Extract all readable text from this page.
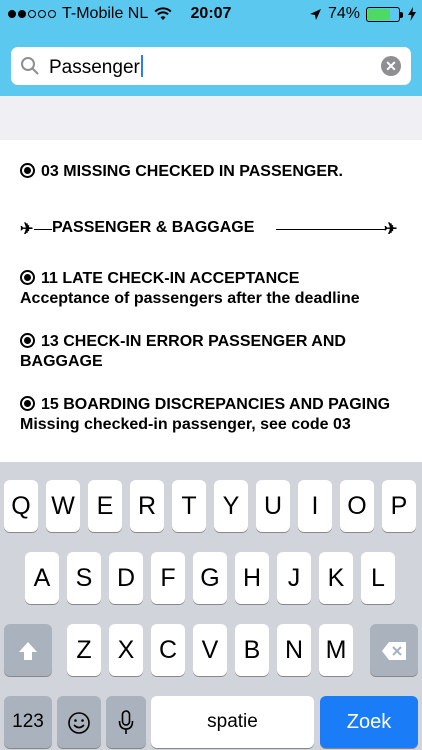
T-Mobile NL	20:07	74%
Passenger	✕
03 MISSING CHECKED IN PASSENGER.
✈ PASSENGER & BAGGAGE	✈
11 LATE CHECK-IN ACCEPTANCE
Acceptance of passengers after the deadline
13 CHECK-IN ERROR PASSENGER AND BAGGAGE
15 BOARDING DISCREPANCIES AND PAGING
Missing checked-in passenger, see code 03
Q W E R	T	Y U	I	O P
A	S D	F G H	J	K	L
Z	X C V	B N M
123	spatie	Zoek
